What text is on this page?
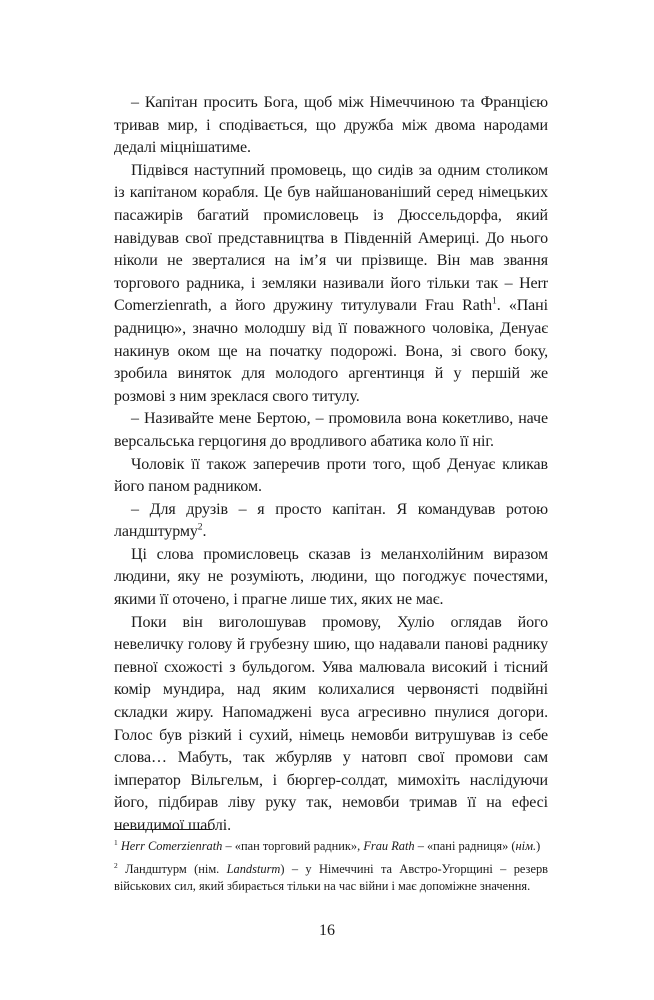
– Капітан просить Бога, щоб між Німеччиною та Францією тривав мир, і сподівається, що дружба між двома народами дедалі міцнішатиме.

Підвівся наступний промовець, що сидів за одним столиком із капітаном корабля. Це був найшанованіший серед німецьких пасажирів багатий промисловець із Дюссельдорфа, який навідував свої представництва в Південній Америці. До нього ніколи не зверталися на ім’я чи прізвище. Він мав звання торгового радника, і земляки називали його тільки так – Herr Comerzienrath, а його дружину титулували Frau Rath$^1$. «Пані радницю», значно молодшу від її поважного чоловіка, Денуає накинув оком ще на початку подорожі. Вона, зі свого боку, зробила виняток для молодого аргентинця й у першій же розмові з ним зреклася свого титулу.

– Називайте мене Бертою, – промовила вона кокетливо, наче версальська герцогиня до вродливого абатика коло її ніг.

Чоловік її також заперечив проти того, щоб Денуає кликав його паном радником.

– Для друзів – я просто капітан. Я командував ротою ландштурму$^2$.

Ці слова промисловець сказав із меланхолійним виразом людини, яку не розуміють, людини, що погоджує почестями, якими її оточено, і прагне лише тих, яких не має.

Поки він виголошував промову, Хуліо оглядав його невеличку голову й грубезну шию, що надавали панові раднику певної схожості з бульдогом. Уява малювала високий і тісний комір мундира, над яким колихалися червонясті подвійні складки жиру. Напомаджені вуса агресивно пнулися догори. Голос був різкий і сухий, німець немовби витрушував із себе слова… Мабуть, так жбурляв у натовп свої промови сам імператор Вільгельм, і бюргер-солдат, мимохіть наслідуючи його, підбирав ліву руку так, немовби тримав її на ефесі невидимої шаблі.

$^1$ Herr Comerzienrath – «пан торговий радник», Frau Rath – «пані радниця» (нім.)

$^2$ Ландштурм (нім. Landsturm) – у Німеччині та Австро-Угорщині – резерв військових сил, який збирається тільки на час війни і має допоміжне значення.

16
